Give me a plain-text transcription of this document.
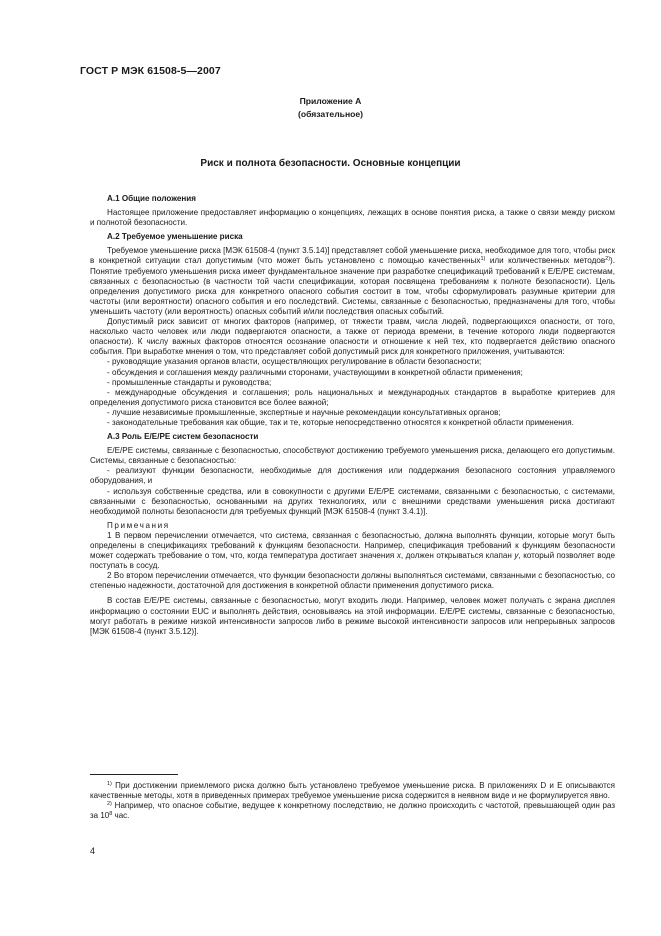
ГОСТ Р МЭК 61508-5—2007
Приложение А
(обязательное)
Риск и полнота безопасности. Основные концепции

А.1 Общие положения

Настоящее приложение предоставляет информацию о концепциях, лежащих в основе понятия риска, а также о связи между риском и полнотой безопасности.

А.2 Требуемое уменьшение риска

Требуемое уменьшение риска [МЭК 61508-4 (пункт 3.5.14)] представляет собой уменьшение риска, необходимое для того, чтобы риск в конкретной ситуации стал допустимым (что может быть установлено с помощью качественных$^{1)}$ или количественных методов$^{2)}$). Понятие требуемого уменьшения риска имеет фундаментальное значение при разработке спецификаций требований к Е/Е/РЕ системам, связанных с безопасностью (в частности той части спецификации, которая посвящена требованиям к полноте безопасности). Цель определения допустимого риска для конкретного опасного события состоит в том, чтобы сформулировать разумные критерии для частоты (или вероятности) опасного события и его последствий. Системы, связанные с безопасностью, предназначены для того, чтобы уменьшить частоту (или вероятность) опасных событий и/или последствия опасных событий.

Допустимый риск зависит от многих факторов (например, от тяжести травм, числа людей, подвергающихся опасности, от того, насколько часто человек или люди подвергаются опасности, а также от периода времени, в течение которого люди подвергаются опасности). К числу важных факторов относятся осознание опасности и отношение к ней тех, кто подвергается действию опасного события. При выработке мнения о том, что представляет собой допустимый риск для конкретного приложения, учитываются:

- руководящие указания органов власти, осуществляющих регулирование в области безопасности;

- обсуждения и соглашения между различными сторонами, участвующими в конкретной области применения;

- промышленные стандарты и руководства;

- международные обсуждения и соглашения; роль национальных и международных стандартов в выработке критериев для определения допустимого риска становится все более важной;

- лучшие независимые промышленные, экспертные и научные рекомендации консультативных органов;

- законодательные требования как общие, так и те, которые непосредственно относятся к конкретной области применения.

А.3 Роль Е/Е/РЕ систем безопасности

Е/Е/РЕ системы, связанные с безопасностью, способствуют достижению требуемого уменьшения риска, делающего его допустимым. Системы, связанные с безопасностью:

- реализуют функции безопасности, необходимые для достижения или поддержания безопасного состояния управляемого оборудования, и

- используя собственные средства, или в совокупности с другими Е/Е/РЕ системами, связанными с безопасностью, с системами, связанными с безопасностью, основанными на других технологиях, или с внешними средствами уменьшения риска достигают необходимой полноты безопасности для требуемых функций [МЭК 61508-4 (пункт 3.4.1)].

Примечания

1 В первом перечислении отмечается, что система, связанная с безопасностью, должна выполнять функции, которые могут быть определены в спецификациях требований к функциям безопасности. Например, спецификация требований к функциям безопасности может содержать требование о том, что, когда температура достигает значения х, должен открываться клапан у, который позволяет воде поступать в сосуд.

2 Во втором перечислении отмечается, что функции безопасности должны выполняться системами, связанными с безопасностью, со степенью надежности, достаточной для достижения в конкретной области применения допустимого риска.

В состав Е/Е/РЕ системы, связанные с безопасностью, могут входить люди. Например, человек может получать с экрана дисплея информацию о состоянии EUC и выполнять действия, основываясь на этой информации. Е/Е/РЕ системы, связанные с безопасностью, могут работать в режиме низкой интенсивности запросов либо в режиме высокой интенсивности запросов или непрерывных запросов [МЭК 61508-4 (пункт 3.5.12)].

$^{1)}$ При достижении приемлемого риска должно быть установлено требуемое уменьшение риска. В приложениях D и E описываются качественные методы, хотя в приведенных примерах требуемое уменьшение риска содержится в неявном виде и не формулируется явно.

$^{2)}$ Например, что опасное событие, ведущее к конкретному последствию, не должно происходить с частотой, превышающей один раз за $10^8$ час.

4
